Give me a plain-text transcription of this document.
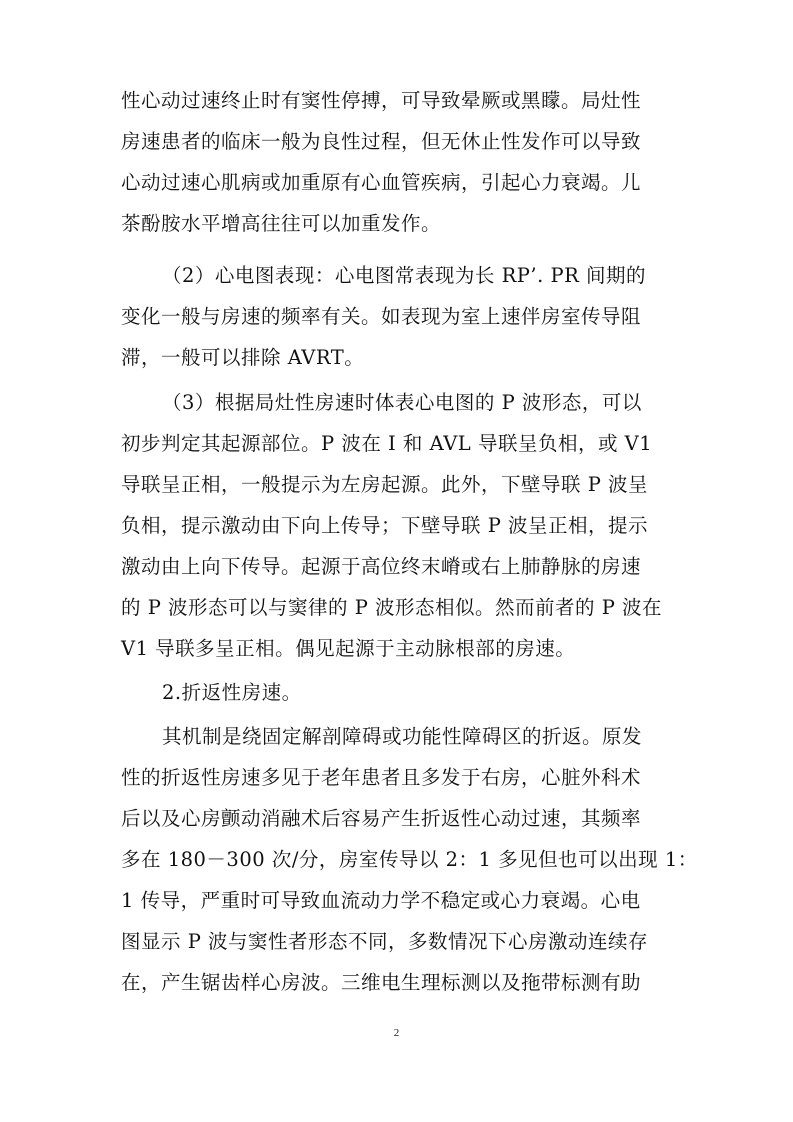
性心动过速终止时有窦性停搏，可导致晕厥或黑矇。局灶性
房速患者的临床一般为良性过程，但无休止性发作可以导致
心动过速心肌病或加重原有心血管疾病，引起心力衰竭。儿
茶酚胺水平增高往往可以加重发作。
（2）心电图表现：心电图常表现为长 RP’. PR 间期的
变化一般与房速的频率有关。如表现为室上速伴房室传导阻
滞，一般可以排除 AVRT。
（3）根据局灶性房速时体表心电图的 P 波形态，可以
初步判定其起源部位。P 波在 I 和 AVL 导联呈负相，或 V1
导联呈正相，一般提示为左房起源。此外，下壁导联 P 波呈
负相，提示激动由下向上传导；下壁导联 P 波呈正相，提示
激动由上向下传导。起源于高位终末嵴或右上肺静脉的房速
的 P 波形态可以与窦律的 P 波形态相似。然而前者的 P 波在
V1 导联多呈正相。偶见起源于主动脉根部的房速。
2.折返性房速。
其机制是绕固定解剖障碍或功能性障碍区的折返。原发
性的折返性房速多见于老年患者且多发于右房，心脏外科术
后以及心房颤动消融术后容易产生折返性心动过速，其频率
多在 180－300 次/分，房室传导以 2：1 多见但也可以出现 1：
1 传导，严重时可导致血流动力学不稳定或心力衰竭。心电
图显示 P 波与窦性者形态不同，多数情况下心房激动连续存
在，产生锯齿样心房波。三维电生理标测以及拖带标测有助
2
